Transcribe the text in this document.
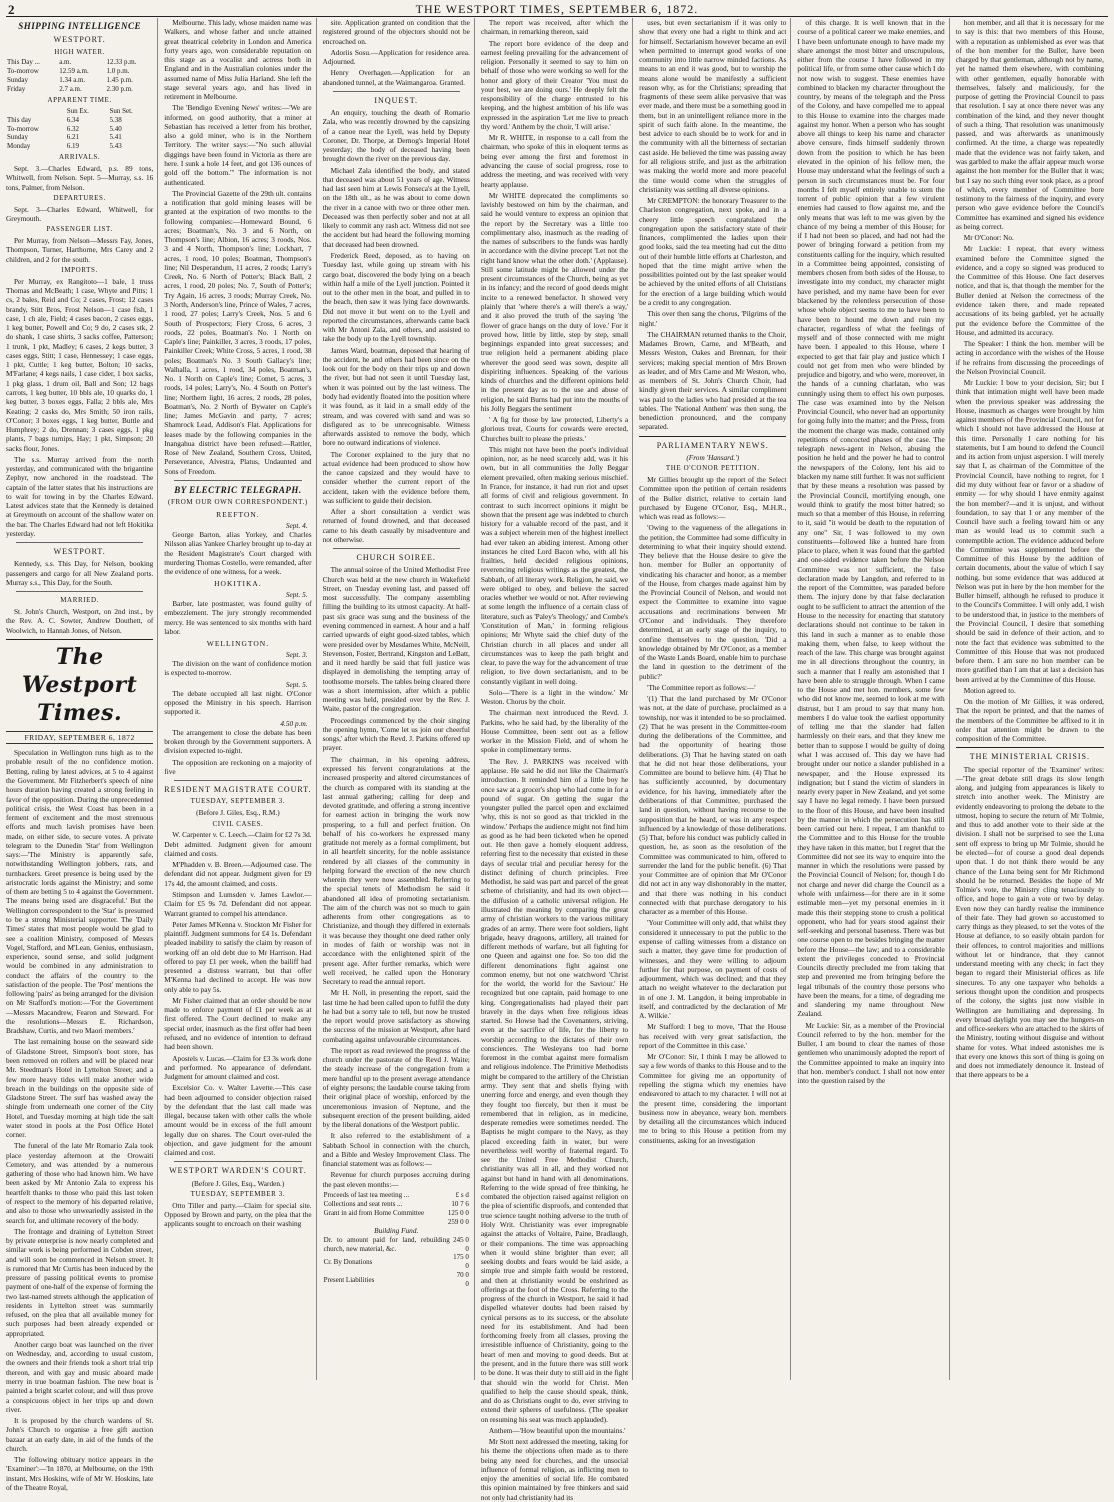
2	THE WESTPORT TIMES, SEPTEMBER 6, 1872.
SHIPPING INTELLIGENCE
WESTPORT.
HIGH WATER.
This Day ...	a.m.	12.33 p.m.
To-morrow	12.59 a.m.	1.0 p.m.
Sunday	1.34 a.m.	1.45 p.m.
Friday	2.7 a.m.	2.30 p.m.
APPARENT TIME.
	Sun Ex.	Sun Set.
This day	6.34	5.38
To-morrow	6.32	5.40
Sunday	6.21	5.41
Monday	6.19	5.43
ARRIVALS.

Sept. 3.—Charles Edward, p.s. 89 tons, Whitwell, from Nelson. Sept. 5—Murray, s.s. 16 tons, Palmer, from Nelson.

DEPARTURES.

Sept. 3—Charles Edward, Whitwell, for Greymouth.

PASSENGER LIST.

Per Murray, from Nelson—Messrs Fay, Jones, Thompson, Turner, Harthorne, Mrs Carey and 2 children, and 2 for the south.

IMPORTS.

Per Murray, ex Rangitoto—1 bale, 1 truss Thomas and McBeath; 1 case, Whyte and Pitts; 1 cs, 2 bales, Reid and Co; 2 cases, Frost; 12 cases brandy, Stitt Bros, Frost Nelson—1 case fish, 1 case, 1 ch ale, Field; 4 cases bacon, 2 cases eggs, 1 keg butter, Powell and Co; 9 do, 2 cases stk, 2 do shank, 1 case shirts, 3 sacks coffee, Patterson; 1 trunk, 1 pkt, Madley; 6 cases, 2 kegs butter, 3 cases eggs, Stitt; 1 case, Hennessey; 1 case eggs, 1 pkt, Cuttle; 1 keg butter, Bolton; 10 sacks, M'Farlane; 4 kegs nails, 1 case cider, 1 box sacks, 1 pkg glass, 1 drum oil, Ball and Son; 12 bags carrots, 1 keg butter, 10 bbls ale, 10 quarks do, 1 keg butter, 3 boxes eggs, Falla; 2 bbls ale, Mrs Keating; 2 casks do, Mrs Smith; 50 iron rails, O'Conor; 3 boxes eggs, 1 keg butter, Buttle and Humphrey; 2 do, Drennan; 3 cases eggs, 1 pkg plants, 7 bags turnips, Hay; 1 pkt, Simpson; 20 sacks flour, Jones.

The s.s. Murray arrived from the north yesterday, and communicated with the brigantine Zephyr, now anchored in the roadstead. The captain of the latter states that his instructions are to wait for towing in by the Charles Edward. Latest advices state that the Kennedy is detained at Greymouth on account of the shallow water on the bar. The Charles Edward had not left Hokitika yesterday.

WESTPORT.

Kennedy, s.s. This Day, for Nelson, booking passengers and cargo for all New Zealand ports. Murray s.s., This Day, for the South.

MARRIED.

St. John's Church, Westport, on 2nd inst., by the Rev. A. C. Sowter, Andrew Douthett, of Woolwich, to Hannah Jones, of Nelson.

The Westport Times.
FRIDAY, SEPTEMBER 6, 1872

Speculation in Wellington runs high as to the probable result of the no confidence motion. Betting, ruling by latest advices, at 5 to 4 against the Government. Mr Fitzherbert's speech of nine hours duration having created a strong feeling in favor of the opposition. During the unprecedented political crisis, the West Coast has been in a ferment of excitement and the most strenuous efforts and much lavish promises have been made, on either side, to secure votes. A private telegram to the Dunedin 'Star' from Wellington says:—'The Ministry is apparently safe, notwithstanding Wellington jobbers, rats, and turnbackers. Greet presence is being used by the aristocratic lords against the Ministry; and some of them are betting 5 to 4 against the Government. The means being used are disgraceful.' But the Wellington correspondent to the 'Star' is presumed to be a strong Ministerial supporter. The 'Daily Times' states that most people would be glad to see a coalition Ministry, composed of Messrs Vogel, Stafford, and M'Lean. Genius, enthusiasm, experience, sound sense, and solid judgment would be combined in any administration to conduct the affairs of the country to the satisfaction of the people. The 'Post' mentions the following 'pairs' as being arranged for the division on Mr Stafford's motion:—'For the Government—Messrs Macandrew, Fearon and Steward. For the resolutions—Messrs E. Richardson, Bradshaw, Curtis, and two Maori members.'

The last remaining house on the seaward side of Gladstone Street, Simpson's boot store, has been removed on rollers and will be placed near Mr. Steedman's Hotel in Lyttelton Street; and a few more heavy tides will make another wide breach in the buildings on the opposite side of Gladstone Street. The surf has washed away the shingle from underneath one corner of the City Hotel, and Tuesday morning at high tide the salt water stood in pools at the Post Office Hotel corner.

The funeral of the late Mr Romario Zala took place yesterday afternoon at the Orowaiti Cemetery, and was attended by a numerous gathering of those who had known him. We have been asked by Mr Antonio Zala to express his heartfelt thanks to those who paid this last token of respect to the memory of his departed relative, and also to those who unweariedly assisted in the search for, and ultimate recovery of the body.

The frontage and draining of Lyttelton Street by private enterprise is now nearly completed and similar work is being performed in Cobden street, and will soon be commenced in Nelson street. It is rumored that Mr Curtis has been induced by the pressure of passing political events to promise payment of one-half of the expense of forming the two last-named streets although the application of residents in Lyttelton street was summarily refused, on the plea that all available money for such purposes had been already expended or appropriated.

Another cargo boat was launched on the river on Wednesday, and, according to usual custom, the owners and their friends took a short trial trip thereon, and with gay and music aboard made merry in true boatman fashion. The new boat is painted a bright scarlet colour, and will thus prove a conspicuous object in her trips up and down river.

It is proposed by the church wardens of St. John's Church to organise a free gift auction bazaar at an early date, in aid of the funds of the church.

The following obituary notice appears in the 'Examiner':—'In 1870, at Melbourne, on the 19th instant, Mrs Hoskins, wife of Mr W. Hoskins, late of the Theatre Royal,

Melbourne. This lady, whose maiden name was Walkers, and whose father and uncle attained great theatrical celebrity in London and America forty years ago, won considerable reputation on this stage as a vocalist and actress both in England and in the Australian colonies under the assumed name of Miss Julia Harland. She left the stage several years ago, and has lived in retirement in Melbourne.

The 'Bendigo Evening News' writes:—'We are informed, on good authority, that a miner at Sebastian has received a letter from his brother, also a gold miner, who is in the Northern Territory. The writer says:—"No such alluvial diggings have been found in Victoria as there are here. I sunk a hole 14 feet, and got 136 ounces of gold off the bottom."' The information is not authenticated.

The Provincial Gazette of the 29th ult. contains a notification that gold mining leases will be granted at the expiration of two months to the following companies:—Homeward Bound, 6 acres; Boatman's, No. 3 and 6 North, on Thompson's line; Albion, 16 acres; 3 roods, Nos. 3 and 4 North, Thompson's line; Lockhart, 7 acres, 1 rood, 10 poles; Boatman, Thompson's line; Nil Desperandum, 11 acres, 2 roods; Larry's Creek, No. 6 North of Potter's; Black Ball, 2 acres, 1 rood, 20 poles; No. 7, South of Potter's; Try Again, 16 acres, 3 roods; Murray Creek, No. 3 North, Anderson's line, Prince of Wales, 7 acres, 1 rood, 27 poles; Larry's Creek, Nos. 5 and 6 South of Prospectors; Fiery Cross, 6 acres, 3 roods, 22 poles, Boatman's No. 1 North on Caple's line; Painkiller, 3 acres, 3 roods, 17 poles, Painkiller Creek; White Cross, 5 acres, 1 rood, 38 poles; Boatman's No. 3 South Gallacy's line; Walhalla, 1 acres, 1 rood, 34 poles, Boatman's, No. 1 North on Caple's line; Comet, 5 acres, 3 roods, 14 poles; Larry's, No. 4 South on Potter's line; Northern light, 16 acres, 2 roods, 28 poles, Boatman's, No. 2 North of Bywater on Caple's line; James McGavin and party, 7 acres; Shamrock Lead, Addison's Flat. Applications for leases made by the following companies in the Inangahua district have been refused:—Rattler, Rose of New Zealand, Southern Cross, United, Perseverance, Alvestra, Platus, Undaunted and Sons of Freedom.

BY ELECTRIC TELEGRAPH.
(FROM OUR OWN CORRESPONDENT.)
REEFTON.
Sept. 4.

George Barton, alias Yorkey, and Charles Nilsson alias Yankee Charley brought up to-day at the Resident Magistrate's Court charged with murdering Thomas Costello, were remanded, after the evidence of one witness, for a week.

HOKITIKA.
Sept. 5.

Barber, late postmaster, was found guilty of embezzlement. The jury strongly recommended mercy. He was sentenced to six months with hard labor.

WELLINGTON.
Sept. 3.

The division on the want of confidence motion is expected to-morrow.

Sept. 5.

The debate occupied all last night. O'Conor opposed the Ministry in his speech. Harrison supported it.

4.50 p.m.

The arrangement to close the debate has been broken through by the Government supporters. A division expected to-night.

The opposition are reckoning on a majority of five

RESIDENT MAGISTRATE COURT.
TUESDAY, SEPTEMBER 3.
(Before J. Giles, Esq., R.M.)
CIVIL CASES.

W. Carpenter v. C. Leech.—Claim for £2 7s 3d. Debt admitted. Judgment given for amount claimed and costs.

M'Phadden v. B. Breen.—Adjourned case. The defendant did not appear. Judgment given for £9 17s 4d, the amount claimed, and costs.

Stimpson and Lumsden v. James Lawlor.—Claim for £5 9s 7d. Defendant did not appear. Warrant granted to compel his attendance.

Peter James M'Kenna v. Stockton Mr Fisher for plaintiff. Judgment summons for £4 1s. Defendant pleaded inability to satisfy the claim by reason of working off an old debt due to Mr Harrison. Had offered to pay £1 per week, when the bailiff had presented a distress warrant, but that offer M'Kenna had declined to accept. He was now only able to pay 5s.

Mr Fisher claimed that an order should be now made to enforce payment of £1 per week as at first offered. The Court declined to make any special order, inasmuch as the first offer had been refused, and no evidence of intention to defraud had been shown.

Apostels v. Lucas.—Claim for £3 3s work done and performed. No appearance of defendant. Judgment for amount claimed and cost.

Excelsior Co. v. Walter Lavette.—This case had been adjourned to consider objection raised by the defendant that the last call made was illegal, because taken with other calls the whole amount would be in excess of the full amount legally due on shares. The Court over-ruled the objection, and gave judgment for the amount claimed and cost.

WESTPORT WARDEN'S COURT.
(Before J. Giles, Esq., Warden.)
TUESDAY, SEPTEMBER 3.

Otto Tiller and party.—Claim for special site. Opposed by Brown and party, on the plea that the applicants sought to encroach on their washing

site. Application granted on condition that the registered ground of the objectors should not be encroached on.

Adoriis Sosu.—Application for residence area. Adjourned.

Henry Overhagen.—Application for an abandoned tunnel, at the Waimangaroa. Granted.

INQUEST.

An enquiry, touching the death of Romario Zala, who was recently drowned by the capsizing of a canoe near the Lyell, was held by Deputy Coroner, Dr. Thorpe, at Dernog's Imperial Hotel yesterday; the body of deceased having been brought down the river on the previous day.

Michael Zala identified the body, and stated that deceased was about 51 years of age. Witness had last seen him at Lewis Fonseca's at the Lyell, on the 18th ult., as he was about to come down the river in a canoe with two or three other men. Deceased was then perfectly sober and not at all likely to commit any rash act. Witness did not see the accident but had heard the following morning that deceased had been drowned.

Frederick Reed, deposed, as to having on Tuesday last, while going up stream with his cargo boat, discovered the body lying on a beach within half a mile of the Lyell junction. Pointed it out to the other men in the boat, and pulled in to the beach, then saw it was lying face downwards. Did not move it but went on to the Lyell and reported the circumstances, afterwards came back with Mr Antoni Zala, and others, and assisted to take the body up to the Lyell township.

James Ward, boatman, deposed that hearing of the accident, he and others had been since on the look out for the body on their trips up and down the river, but had not seen it until Tuesday last, when it was pointed out by the last witness. The body had evidently floated into the position where it was found, as it laid in a small eddy of the stream, and was covered with sand and was so disfigured as to be unrecognisable. Witness afterwards assisted to remove the body, which bore no outward indications of violence.

The Coroner explained to the jury that no actual evidence had been produced to show how the canoe capsized and they would have to consider whether the current report of the accident, taken with the evidence before them, was sufficient to guide their decision.

After a short consultation a verdict was returned of found drowned, and that deceased came to his death casually by misadventure and not otherwise.

CHURCH SOIREE.

The annual soiree of the United Methodist Free Church was held at the new church in Wakefield Street, on Tuesday evening last, and passed off most successfully. The company assembling filling the building to its utmost capacity. At half-past six grace was sung and the business of the evening commenced in earnest. A hour and a half carried upwards of eight good-sized tables, which were presided over by Mesdames White, McNeill, Stevenson, Foster, Bertrand, Kingston and LeBatt, and it need hardly be said that full justice was displayed in demolishing the tempting array of toothsome morsels. The tables being cleared there was a short intermission, after which a public meeting was held, presided over by the Rev. J. Waite, pastor of the congregation.

Proceedings commenced by the choir singing the opening hymn, 'Come let us join our cheerful songs,' after which the Revd. J. Parkins offered up prayer.

The chairman, in his opening address, expressed his fervent congratulations at the increased prosperity and altered circumstances of the church as compared with its standing at the last annual gathering; calling for deep and devoted gratitude, and offering a strong incentive for earnest action in bringing the work now prospering, to a full and perfect fruition. On behalf of his co-workers he expressed many gratitude not merely as a formal compliment, but in all heartfelt sincerity, for the noble assistance rendered by all classes of the community in helping forward the erection of the new church wherein they were now assembled. Referring to the special tenets of Methodism he said it abandoned all idea of promoting sectarianism. The aim of the church was not so much to gain adherents from other congregations as to Christianize, and though they differed in externals it was because they thought one deed rather only in modes of faith or worship was not in accordance with the enlightened spirit of the present age. After further remarks, which were well received, he called upon the Honorary Secretary to read the annual report.

Mr H. Noll, in presenting the report, said the last time he had been called upon to fulfil the duty he had but a sorry tale to tell, but now he trusted the report would prove satisfactory as showing the success of the mission at Westport, after hard combating against unfavourable circumstances.

The report as read reviewed the progress of the church under the pastorate of the Revd J. Waite; the steady increase of the congregation from a mere handful up to the present average attendance of eighty persons; the laudable course taking from their original place of worship, enforced by the unceremonious invasion of Neptune, and the subsequent erection of the present building, aided by the liberal donations of the Westport public.

It also referred to the establishment of a Sabbath School in connection with the church, and a Bible and Wesley Improvement Class. The financial statement was as follows:—

Revenue for church purposes accruing during the past eleven months:—

Proceeds of last tea meeting ...	£ s d
Collections and seat rents ...	10 7 6
Grant in aid from Home Committee	125 0 0
	259 0 0
Building Fund.
Dr. to amount paid for land, rebuilding church, new material, &c.	245 0 0
Cr. By Donations	175 0 0
Present Liabilities	70 0 0

The report was received, after which the chairman, in remarking thereon, said

The report bore evidence of the deep and earnest feeling prevailing for the advancement of religion. Personally it seemed to say to him on behalf of those who were working so well for the honor and glory of their Creator 'You must do your best, we are doing ours.' He deeply felt the responsibility of the charge entrusted to his keeping, and the highest ambition of his life was expressed in the aspiration 'Let me live to preach thy word.' Anthem by the choir, 'I will arise.'

Mr R. WHITE, in response to a call from the chairman, who spoke of this in eloquent terms as being ever among the first and foremost in advancing the cause of social progress, rose to address the meeting, and was received with very hearty applause.

Mr WHITE deprecated the compliments so lavishly bestowed on him by the chairman, and said he would venture to express an opinion that the report by the Secretary was a little too complimentary also, inasmuch as the reading of the names of subscribers to the funds was hardly in accordance with the divine precept 'Let not the right hand know what the other doth.' (Applause). Still some latitude might be allowed under the present circumstances of the Church, being as yet in its infancy; and the record of good deeds might incite to a renewed benefactor. It showed very plainly that 'where there's a will there's a way,' and it also proved the truth of the saying 'the flower of grace hangs on the duty of love.' For it proved how, little by little, step by step, small beginnings expanded into great successes; and true religion held a permanent abiding place wherever the good seed was sown, despite all dispiriting influences. Speaking of the various kinds of churches and the different opinions held in the present day as to the use and abuse of religion, he said Burns had put into the mouths of his Jolly Beggars the sentiment

' A fig for those by law protected, Liberty's a glorious treat, Courts for cowards were erected, Churches built to please the priests.'

This might not have been the poet's individual opinion, nor, as he need scarcely add, was it his own, but in all communities the Jolly Beggar element prevailed, often making serious mischief. In France, for instance, it had run riot and upset all forms of civil and religious government. In contrast to such incorrect opinions it might be shown that the present age was indebted to church history for a valuable record of the past, and it was a subject wherein men of the highest intellect had ever taken an abiding interest. Among other instances he cited Lord Bacon who, with all his frailties, held decided religious opinions, reverencing religious writings as the greatest, the Sabbath, of all literary work. Religion, he said, we were obliged to obey, and believe the sacred oracles whether we would or not. After reviewing at some length the influence of a certain class of literature, such as 'Paley's Theology,' and Combe's 'Constitution of Man,' in forming religious opinions; Mr Whyte said the chief duty of the Christian church in all places and under all circumstances was to keep the path bright and clear, to pave the way for the advancement of true religion, to live down sectarianism, and to be constantly vigilant in well doing.

Solo—'There is a light in the window.' Mr Weston. Chorus by the choir.

The chairman next introduced the Revd. J. Parkins, who he said had, by the liberality of the House Committee, been sent out as a fellow worker in the Mission Field, and of whom he spoke in complimentary terms.

The Rev. J. PARKINS was received with applause. He said he did not like the Chairman's introduction. It reminded him of a little boy he once saw at a grocer's shop who had come in for a pound of sugar. On getting the sugar the youngster pulled the parcel open and exclaimed 'why, this is not so good as that trickled in the window.' Perhaps the audience might not find him as good as he had been ticketed when he opened out. He then gave a homely eloquent address, referring first to the necessity that existed in these days of secular trial and peculiar heresy for the distinct defining of church principles. Free Methodist, he said was part and parcel of the great scheme of christianity, and had its own object—the diffusion of a catholic universal religion. He illustrated the meaning by comparing the great army of christian workers to the various military grades of an army. There were foot soldiers, light brigade, heavy dragoons, artillery, all trained for different methods of warfare, but all fighting for one Queen and against one foe. So too did the different denominations fight against one common enemy, but not one watchword 'Christ for the world, the world for the Saviour.' He recognized but one captain, paid homage to one king. Congregationalists had played their part bravely in the days when free religious ideas started. So Howse had the Covenanters, striving, even at the sacrifice of life, for the liberty to worship according to the dictates of their own consciences. The Wesleyans too had borne foremost in the combat against mere formalism and religious indolence. The Primitive Methodists might be compared to the artillery of the Christian army. They sent that and shells flying with unerring force and energy, and even though they they fought too fiercely, but then it must be remembered that in religion, as in medicine, desperate remedies were sometimes needed. The Baptists he might compare to the Navy, as they placed exceeding faith in water, but were nevertheless well worthy of fraternal regard. To see the United Free Methodist Church, christianity was all in all, and they worked not against but hand in hand with all denominations. Referring to the wide spread of free thinking, he combated the objection raised against religion on the plea of scientific disproofs, and contended that true science taught nothing adverse to the truth of Holy Writ. Christianity was ever impregnable against the attacks of Voltaire, Paine, Bradlaugh, or their companions. The time was approaching when it would shine brighter than ever; all seeking doubts and fears would be laid aside, a simple true and simple faith would be restored, and then at christianity would be enshrined as offerings at the foot of the Cross. Referring to the progress of the church in Westport, he said it had dispelled whatever doubts had been raised by cynical persons as to its success, or the absolute need for its establishment. And had been forthcoming freely from all classes, proving the irresistible influence of Christianity, going to the heart of men and moving to good deeds. But at the present, and in the future there was still work to be done. It was their duty to still aid in the fight that should win the world for Christ. Men qualified to help the cause should speak, think, and do as Christians ought to do, ever striving to extend their spheres of usefulness. (The speaker on resuming his seat was much applauded).

Anthem—'How beautiful upon the mountains.'

Mr Stott next addressed the meeting, taking for his theme the objections often made as to there being any need for churches, and the unsocial influence of formal religion, as inflicting men to enjoy the amenities of social life. He combated this opinion maintained by free thinkers and said not only had christianity had its

uses, but even sectarianism if it was only to show that every one had a right to think and act for himself. Sectarianism however became an evil when permitted to interrupt good works of one community into little narrow minded factions. As means to an end it was good, but to worship the means alone would be manifestly a sufficient reason why, as for the Christians; spreading that fragments of these seem alike pervasive that was ever made, and there must be a something good in them, but in an unintelligent reliance more in the spirit of such faith alone. In the meantime, the best advice to each should be to work for and in the community with all the bitterness of sectarian cast aside. He believed the time was passing away for all religious strife, and just as the arbitration was making the world more and more peaceful the time would come when the struggles of christianity was settling all diverse opinions.

Mr CREMPTON: the honorary Treasurer to the Charleston congregation, next spoke, and in a cheery little speech congratulated the congregation upon the satisfactory state of their finances, complimented the ladies upon their good looks, said the tea meeting had cut the ditto out of their humble little efforts at Charleston, and hoped that the time might arrive when the possibilities pointed out by the last speaker would be achieved by the united efforts of all Christians for the erection of a large building which would be a credit to any congregation.

This over then sang the chorus, 'Pilgrims of the night.'

The CHAIRMAN returned thanks to the Choir, Madames Brown, Carne, and M'Beath, and Messrs Weston, Oakes and Brennan, for their services; making special mention of Mrs Brown as leader, and of Mrs Carne and Mr Weston, who, as members of St. John's Church Choir, had kindly given their services. A similar compliment was paid to the ladies who had presided at the tea tables. The 'National Anthem' was then sung, the benediction pronounced, and the company separated.

PARLIAMENTARY NEWS.
(From 'Hansard.')
THE O'CONOR PETITION.

Mr Gillies brought up the report of the Select Committee upon the petition of certain residents of the Buller district, relative to certain land purchased by Eugene O'Conor, Esq., M.H.R., which was read as follows:—

'Owing to the vagueness of the allegations in the petition, the Committee had some difficulty in determining to what their inquiry should extend. They believe that the House desire to give the hon. member for Buller an opportunity of vindicating his character and honor, as a member of the House, from charges made against him by the Provincial Council of Nelson, and would not expect the Committee to examine into vague accusations and recriminations between Mr O'Conor and individuals. They therefore determined, at an early stage of the inquiry, to confine themselves to the question, 'Did a knowledge obtained by Mr O'Conor, as a member of the Waste Lands Board, enable him to purchase the land in question to the detriment of the public?'

'The Committee report as follows:—'

'(1) That the land purchased by Mr O'Conor was not, at the date of purchase, proclaimed as a township, nor was it intended to be so proclaimed. (2) That he was present in the Committee-room during the deliberations of the Committee, and had the opportunity of hearing those deliberations. (3) That he having stated on oath that he did not hear those deliberations, your Committee are bound to believe him. (4) That he has sufficiently accounted, by documentary evidence, for his having, immediately after the deliberations of that Committee, purchased the land in question, without having recourse to the supposition that he heard, or was in any respect influenced by a knowledge of those deliberations. (5) That, before his conduct was publicly called in question, he, as soon as the resolution of the Committee was communicated to him, offered to surrender the land for the public benefit. (6) That your Committee are of opinion that Mr O'Conor did not act in any way dishonorably in the matter, and that there was nothing in his conduct connected with that purchase derogatory to his character as a member of this House.

'Your Committee will only add, that whilst they considered it unnecessary to put the public to the expense of calling witnesses from a distance on such a matter, they gave time for production of witnesses, and they were willing to adjourn further for that purpose, on payment of costs of adjournment, which was declined; and that they attach no weight whatever to the declaration put in of one J. M. Langdon, it being improbable in itself, and contradicted by the declaration of Mr A. Wilkie.'

Mr Stafford: I beg to move, 'That the House has received with very great satisfaction, the report of the Committee in this case.'

Mr O'Conor: Sir, I think I may be allowed to say a few words of thanks to this House and to the Committee for giving me an opportunity of repelling the stigma which my enemies have endeavored to attach to my character. I will not at the present time, considering the important business now in abeyance, weary hon. members by detailing all the circumstances which induced me to bring to this House a petition from my constituents, asking for an investigation

of this charge. It is well known that in the course of a political career we make enemies, and I have been unfortunate enough to have made my share amongst the most bitter and unscrupulous, either from the course I have followed in my political life, or from some other cause which I do not now wish to suggest. These enemies have combined to blacken my character throughout the country, by means of the telegraph and the Press of the Colony, and have compelled me to appeal to this House to examine into the charges made against my honor. When a person who has sought above all things to keep his name and character above censure, finds himself suddenly thrown down from the position to which he has been elevated in the opinion of his fellow men, the House may understand what the feelings of such a person in such circumstances must be. For four months I felt myself entirely unable to stem the torrent of public opinion that a few virulent enemies had caused to flow against me, and the only means that was left to me was given by the chance of my being a member of this House; for if I had not been so placed, and had not had the power of bringing forward a petition from my constituents calling for the inquiry, which resulted in a Committee being appointed, consisting of members chosen from both sides of the House, to investigate into my conduct, my character might have perished, and my name have been for ever blackened by the relentless persecution of those whose whole object seems to me to have been to have been to hound me down and ruin my character, regardless of what the feelings of myself and of those connected with me might have been. I appealed to this House, where I expected to get that fair play and justice which I could not get from men who were blinded by prejudice and bigotry, and who were, moreover, in the hands of a cunning charlatan, who was cunningly using them to effect his own purposes. The case was examined into by the Nelson Provincial Council, who never had an opportunity for going fully into the matter; and the Press, from the moment the charge was made, contained only repetitions of concocted phases of the case. The telegraph news-agent in Nelson, abusing the position he held and the power he had to control the newspapers of the Colony, lent his aid to blacken my name still further. It was not sufficient that by these means a resolution was passed by the Provincial Council, mortifying enough, one would think to gratify the most bitter hatred; so much so that a member of this House, in referring to it, said "it would be death to the reputation of any one" Sir, I was followed to my own constituents—followed like a hunted hare from place to place, when it was found that the garbled and one-sided evidence taken before the Nelson Committee was not sufficient, the false declaration made by Langdon, and referred to in the report of the Committee, was paraded before them. The injury done by that false declaration ought to be sufficient to attract the attention of the House to the necessity for enacting that statutory declarations should not continue to be taken in this land in such a manner as to enable those making them, when false, to keep without the reach of the law. This charge was brought against me in all directions throughout the country, in such a manner that I really am astonished that I have been able to struggle through. When I came to the House and met hon. members, some few who did not know me, seemed to look at me with distrust, but I am proud to say that many hon. members I do value took the earliest opportunity of telling me that the slander had fallen harmlessly on their ears, and that they knew me better than to suppose I would be guilty of doing what I was accused of. This day we have had brought under our notice a slander published in a newspaper, and the House expressed its indignation; but I stand the victim of slanders in nearly every paper in New Zealand, and yet some say I have no legal remedy. I have been pursued to the floor of this House, and have been insulted by the manner in which the persecution has still been carried out here. I repeat, I am thankful to the Committee and to this House for the trouble they have taken in this matter, but I regret that the Committee did not see its way to enquire into the manner in which the resolutions were passed by the Provincial Council of Nelson; for, though I do not charge and never did charge the Council as a whole with unfairness—for there are in it some estimable men—yet my personal enemies in it made this their stepping stone to crush a political opponent, who had for years stood against their self-seeking and personal baseness. There was but one course open to me besides bringing the matter before the House—the law; and to a considerable extent the privileges conceded to Provincial Councils directly precluded me from taking that step and prevented me from bringing before the legal tribunals of the country those persons who have been the means, for a time, of degrading me and slandering my name throughout New Zealand.

Mr Luckie: Sir, as a member of the Provincial Council referred to by the hon. member for the Buller, I am bound to clear the names of those gentlemen who unanimously adopted the report of the Committee appointed to make an inquiry into that hon. member's conduct. I shall not now enter into the question raised by the

hon member, and all that it is necessary for me to say is this: that two members of this House, with a reputation as unblemished as ever was that of the hon member for the Buller, have been charged by that gentleman, although not by name, yet he named them elsewhere, with combining with other gentlemen, equally honorable with themselves, falsely and maliciously, for the purpose of getting the Provincial Council to pass that resolution. I say at once there never was any combination of the kind, and they never thought of such a thing. That resolution was unanimously passed, and was afterwards as unanimously confirmed. At the time, a charge was repeatedly made that the evidence was not fairly taken, and was garbled to make the affair appear much worse against the hon member for the Buller that it was; but I say no such thing ever took place, as a proof of which, every member of Committee bore testimony to the fairness of the inquiry, and every person who gave evidence before the Council's Committee has examined and signed his evidence as being correct.

Mr O'Conor: No.

Mr Luckie: I repeat, that every witness examined before the Committee signed the evidence, and a copy so signed was produced to the Committee of this House. One fact deserves notice, and that is, that though the member for the Buller denied at Nelson the correctness of the evidence taken there, and made repeated accusations of its being garbled, yet he actually put the evidence before the Committee of the House, and admitted its accuracy.

The Speaker: I think the hon. member will be acting in accordance with the wishes of the House if he refrains from discussing the proceedings of the Nelson Provincial Council.

Mr Luckie: I bow to your decision, Sir; but I think that intimation might well have been made when the previous speaker was addressing the House, inasmuch as charges were brought by him against members of the Provincial Council, not for which I should not have addressed the House at this time. Personally I care nothing for his statements, but I am bound to defend the Council and its action from unjust aspersion. I will merely say that I, as chairman of the Committee of the Provincial Council, have nothing to regret, for I did my duty without fear or favor or a shadow of enmity — for why should I have enmity against the hon member?—and it is unjust, and without foundation, to say that I or any member of the Council have such a feeling toward him or any man as would lead us to commit such a contemptible action. The evidence adduced before the Committee was supplemented before the Committee of this House by the addition of certain documents, about the value of which I say nothing, but some evidence that was adduced at Nelson was put in here by the hon member for the Buller himself, although he refused to produce it to the Council's Committee. I will only add, I wish to be understood that, in justice to the members of the Provincial Council, I desire that something should be said in defence of their action, and to note the fact that evidence was submitted to the Committee of this House that was not produced before them. I am sure no hon member can be more gratified than I am that at last a decision has been arrived at by the Committee of this House.

Motion agreed to.

On the motion of Mr Gillies, it was ordered, That the report be printed, and that the names of the members of the Committee be affixed to it in order that attention might be drawn to the composition of the Committee.

THE MINISTERIAL CRISIS.

The special reporter of the 'Examiner' writes:—'The great debate still drags its slow length along, and judging from appearances is likely to stretch into another week. The Ministry are evidently endeavoring to prolong the debate to the utmost, hoping to secure the return of Mr Tolmie, and thus to add another vote to their side at the division. I shall not be surprised to see the Luna sent off express to bring up Mr Tolmie, should he be elected—for of course a good deal depends upon that. I do not think there would be any chance of the Luna being sent for Mr Richmond should he be returned. Besides the hope of Mr Tolmie's vote, the Ministry cling tenaciously to office, and hope to gain a vote or two by delay. Even now they can hardly realise the imminence of their fate. They had grown so accustomed to carry things as they pleased, to set the votes of the House at defiance, to so easily obtain pardon for their offences, to control majorities and millions without let or hindrance, that they cannot understand meeting with any check; in fact they began to regard their Ministerial offices as life sinecures. To any one taxpayer who beholds a serious thought upon the condition and prospects of the colony, the sights just now visible in Wellington are humiliating and depressing. In every broad daylight you may see the hungers-on and office-seekers who are attached to the skirts of the Ministry, touting without disguise and without shame for votes. What indeed astonishes me is that every one knows this sort of thing is going on and does not immediately denounce it. Instead of that there appears to be a
